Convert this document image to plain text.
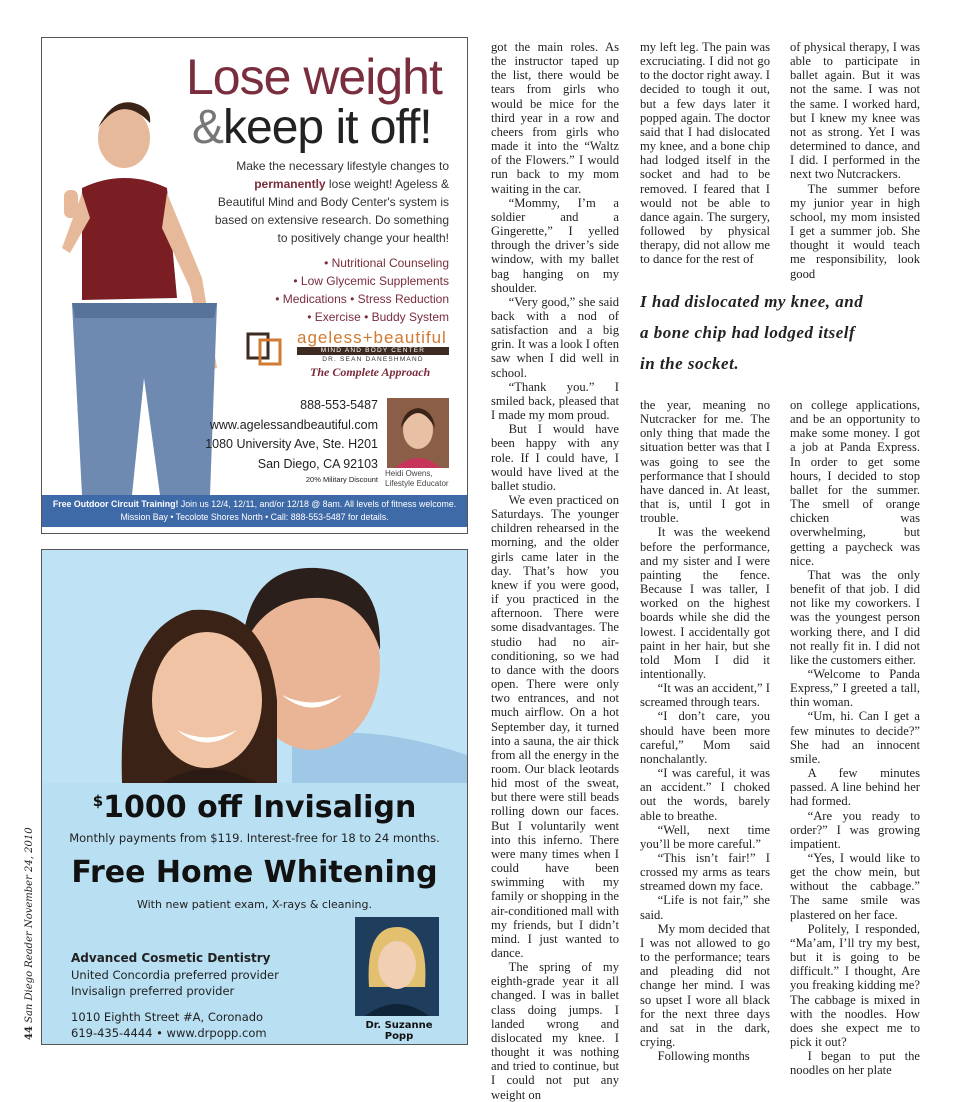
44 San Diego Reader November 24, 2010
Lose weight
&keep it off!
Make the necessary lifestyle changes to permanently lose weight! Ageless & Beautiful Mind and Body Center's system is based on extensive research. Do something to positively change your health!
• Nutritional Counseling
• Low Glycemic Supplements
• Medications • Stress Reduction
• Exercise • Buddy System
ageless+beautiful
MIND AND BODY CENTER
DR. SEAN DANESHMAND
The Complete Approach
888-553-5487
www.agelessandbeautiful.com
1080 University Ave, Ste. H201
San Diego, CA 92103
20% Military Discount
Heidi Owens,
Lifestyle Educator
Free Outdoor Circuit Training! Join us 12/4, 12/11, and/or 12/18 @ 8am. All levels of fitness welcome.
Mission Bay • Tecolote Shores North • Call: 888-553-5487 for details.
$1000 off Invisalign
Monthly payments from $119. Interest-free for 18 to 24 months.
Free Home Whitening
With new patient exam, X-rays & cleaning.
Advanced Cosmetic Dentistry
United Concordia preferred provider
Invisalign preferred provider
1010 Eighth Street #A, Coronado
619-435-4444 • www.drpopp.com
Dr. Suzanne Popp

got the main roles. As the instructor taped up the list, there would be tears from girls who would be mice for the third year in a row and cheers from girls who made it into the “Waltz of the Flowers.” I would run back to my mom waiting in the car.

“Mommy, I’m a soldier and a Gingerette,” I yelled through the driver’s side window, with my ballet bag hanging on my shoulder.

“Very good,” she said back with a nod of satisfaction and a big grin. It was a look I often saw when I did well in school.

“Thank you.” I smiled back, pleased that I made my mom proud.

But I would have been happy with any role. If I could have, I would have lived at the ballet studio.

We even practiced on Saturdays. The younger children rehearsed in the morning, and the older girls came later in the day. That’s how you knew if you were good, if you practiced in the afternoon. There were some disadvantages. The studio had no air-conditioning, so we had to dance with the doors open. There were only two entrances, and not much airflow. On a hot September day, it turned into a sauna, the air thick from all the energy in the room. Our black leotards hid most of the sweat, but there were still beads rolling down our faces. But I voluntarily went into this inferno. There were many times when I could have been swimming with my family or shopping in the air-conditioned mall with my friends, but I didn’t mind. I just wanted to dance.

The spring of my eighth-grade year it all changed. I was in ballet class doing jumps. I landed wrong and dislocated my knee. I thought it was nothing and tried to continue, but I could not put any weight on

my left leg. The pain was excruciating. I did not go to the doctor right away. I decided to tough it out, but a few days later it popped again. The doctor said that I had dislocated my knee, and a bone chip had lodged itself in the socket and had to be removed. I feared that I would not be able to dance again. The surgery, followed by physical therapy, did not allow me to dance for the rest of

of physical therapy, I was able to participate in ballet again. But it was not the same. I was not the same. I worked hard, but I knew my knee was not as strong. Yet I was determined to dance, and I did. I performed in the next two Nutcrackers.

The summer before my junior year in high school, my mom insisted I get a summer job. She thought it would teach me responsibility, look good

I had dislocated my knee, and
a bone chip had lodged itself
in the socket.

the year, meaning no Nutcracker for me. The only thing that made the situation better was that I was going to see the performance that I should have danced in. At least, that is, until I got in trouble.

It was the weekend before the performance, and my sister and I were painting the fence. Because I was taller, I worked on the highest boards while she did the lowest. I accidentally got paint in her hair, but she told Mom I did it intentionally.

“It was an accident,” I screamed through tears.

“I don’t care, you should have been more careful,” Mom said nonchalantly.

“I was careful, it was an accident.” I choked out the words, barely able to breathe.

“Well, next time you’ll be more careful.”

“This isn’t fair!” I crossed my arms as tears streamed down my face.

“Life is not fair,” she said.

My mom decided that I was not allowed to go to the performance; tears and pleading did not change her mind. I was so upset I wore all black for the next three days and sat in the dark, crying.

Following months

on college applications, and be an opportunity to make some money. I got a job at Panda Express. In order to get some hours, I decided to stop ballet for the summer. The smell of orange chicken was overwhelming, but getting a paycheck was nice.

That was the only benefit of that job. I did not like my coworkers. I was the youngest person working there, and I did not really fit in. I did not like the customers either.

“Welcome to Panda Express,” I greeted a tall, thin woman.

“Um, hi. Can I get a few minutes to decide?” She had an innocent smile.

A few minutes passed. A line behind her had formed.

“Are you ready to order?” I was growing impatient.

“Yes, I would like to get the chow mein, but without the cabbage.” The same smile was plastered on her face.

Politely, I responded, “Ma’am, I’ll try my best, but it is going to be difficult.” I thought, Are you freaking kidding me? The cabbage is mixed in with the noodles. How does she expect me to pick it out?

I began to put the noodles on her plate
